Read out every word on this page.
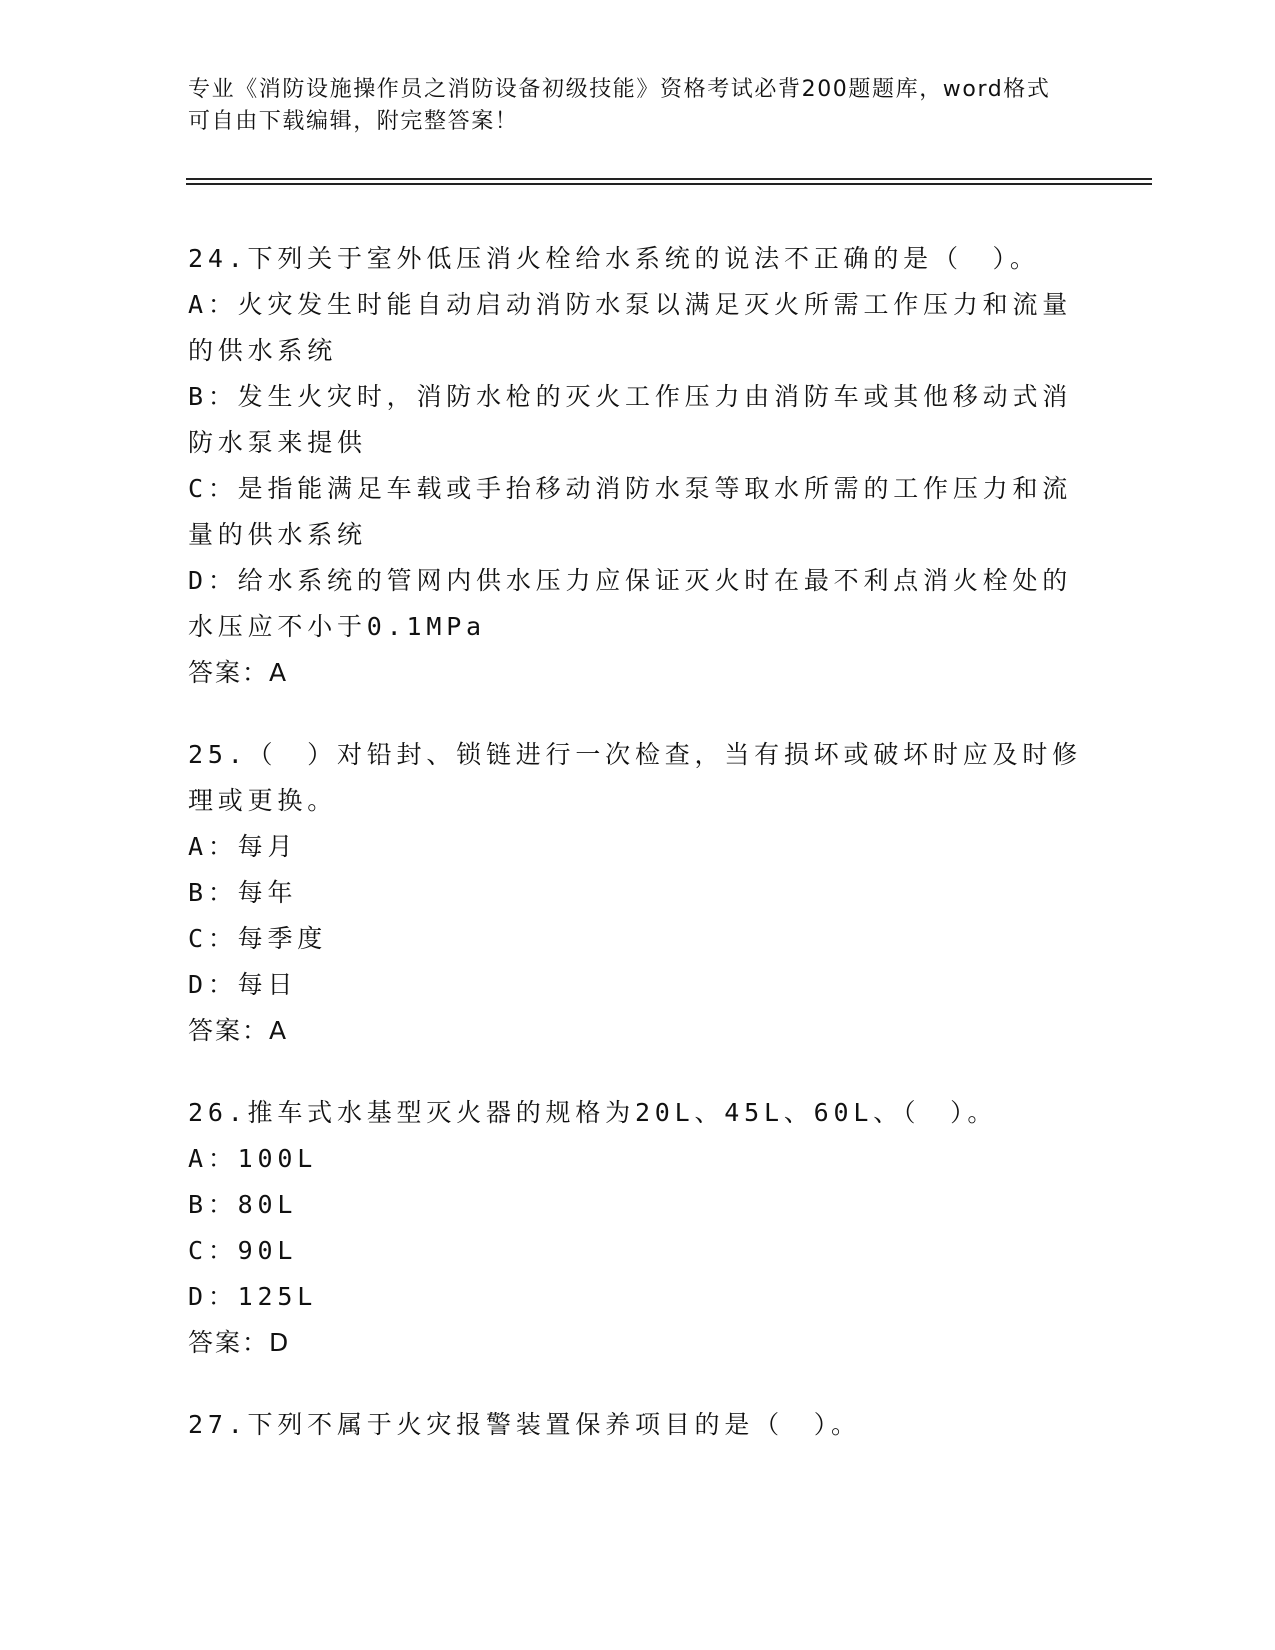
专业《消防设施操作员之消防设备初级技能》资格考试必背200题题库，word格式可自由下载编辑，附完整答案！
24.下列关于室外低压消火栓给水系统的说法不正确的是（　）。
A：火灾发生时能自动启动消防水泵以满足灭火所需工作压力和流量的供水系统
B：发生火灾时，消防水枪的灭火工作压力由消防车或其他移动式消防水泵来提供
C：是指能满足车载或手抬移动消防水泵等取水所需的工作压力和流量的供水系统
D：给水系统的管网内供水压力应保证灭火时在最不利点消火栓处的水压应不小于0.1MPa
答案：A
25.（　）对铅封、锁链进行一次检查，当有损坏或破坏时应及时修理或更换。
A：每月
B：每年
C：每季度
D：每日
答案：A
26.推车式水基型灭火器的规格为20L、45L、60L、（　）。
A：100L
B：80L
C：90L
D：125L
答案：D
27.下列不属于火灾报警装置保养项目的是（　）。
